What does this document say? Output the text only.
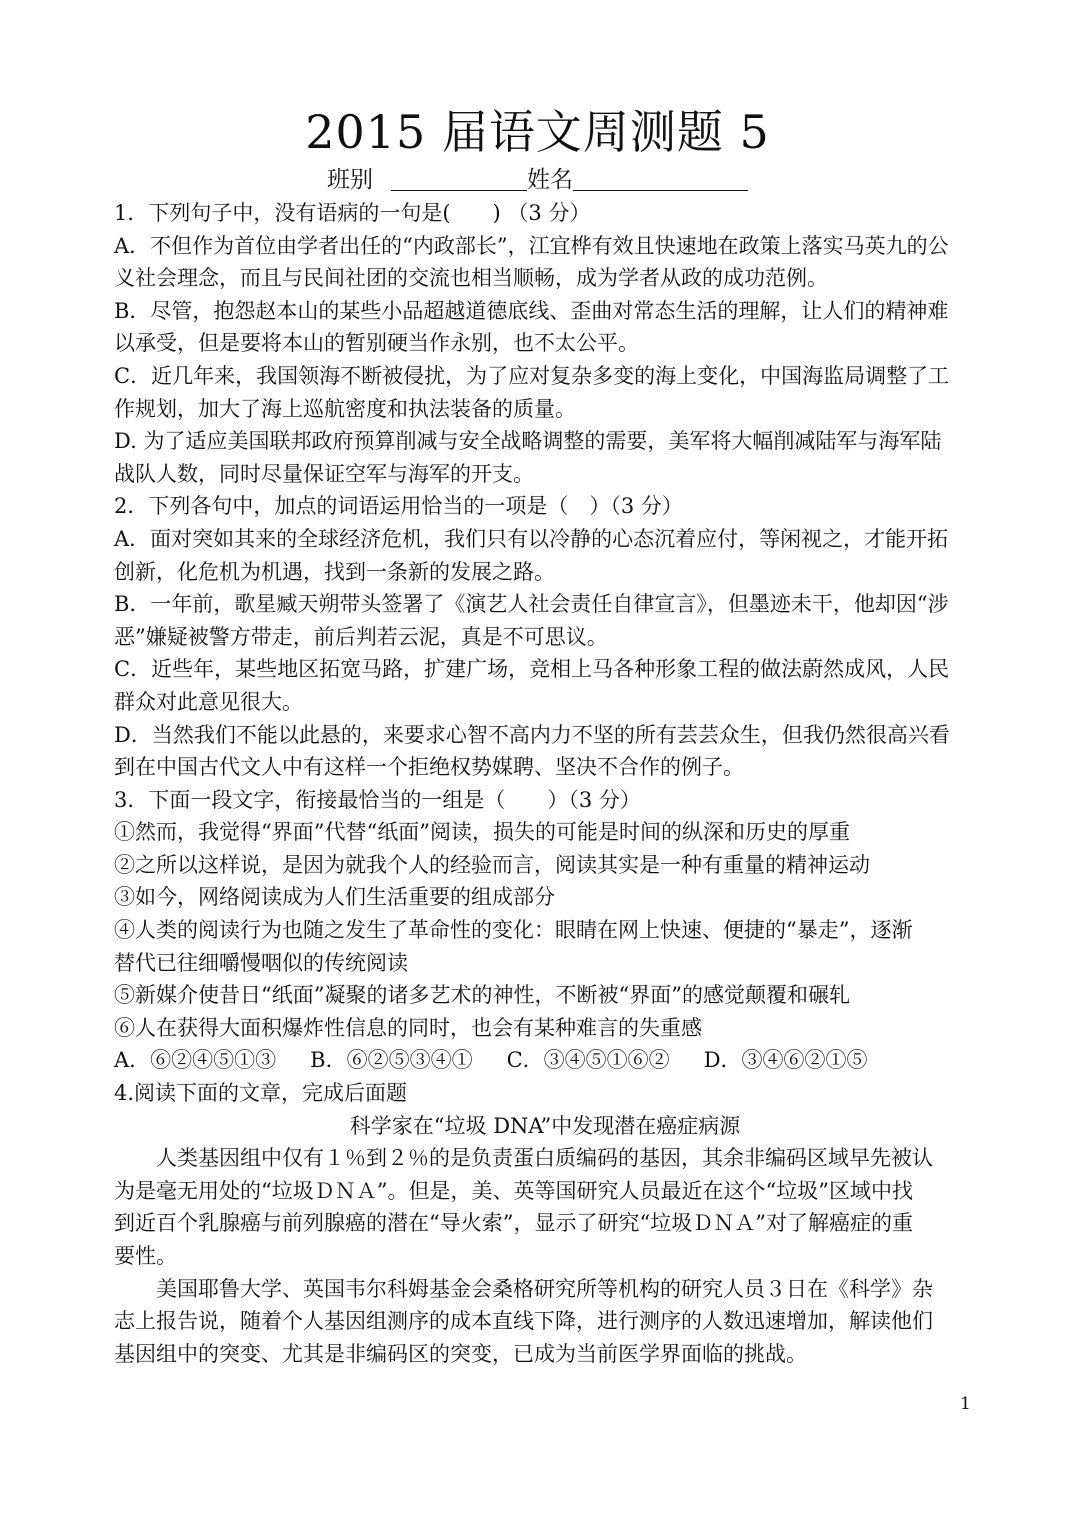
2015 届语文周测题 5
班别	姓名
1．下列句子中，没有语病的一句是(　　) （3 分）
A．不但作为首位由学者出任的“内政部长”，江宜桦有效且快速地在政策上落实马英九的公
义社会理念，而且与民间社团的交流也相当顺畅，成为学者从政的成功范例。
B．尽管，抱怨赵本山的某些小品超越道德底线、歪曲对常态生活的理解，让人们的精神难
以承受，但是要将本山的暂别硬当作永别，也不太公平。
C．近几年来，我国领海不断被侵扰，为了应对复杂多变的海上变化，中国海监局调整了工
作规划，加大了海上巡航密度和执法装备的质量。
D. 为了适应美国联邦政府预算削减与安全战略调整的需要，美军将大幅削减陆军与海军陆
战队人数，同时尽量保证空军与海军的开支。
2．下列各句中，加点的词语运用恰当的一项是（　）（3 分）
A．面对突如其来的全球经济危机，我们只有以冷静的心态沉着应付，等闲视之，才能开拓
创新，化危机为机遇，找到一条新的发展之路。
B．一年前，歌星臧天朔带头签署了《演艺人社会责任自律宣言》，但墨迹未干，他却因“涉
恶”嫌疑被警方带走，前后判若云泥，真是不可思议。
C．近些年，某些地区拓宽马路，扩建广场，竞相上马各种形象工程的做法蔚然成风，人民
群众对此意见很大。
D．当然我们不能以此悬的，来要求心智不高内力不坚的所有芸芸众生，但我仍然很高兴看
到在中国古代文人中有这样一个拒绝权势媒聘、坚决不合作的例子。
3．下面一段文字，衔接最恰当的一组是（　　）（3 分）
①然而，我觉得“界面”代替“纸面”阅读，损失的可能是时间的纵深和历史的厚重
②之所以这样说，是因为就我个人的经验而言，阅读其实是一种有重量的精神运动
③如今，网络阅读成为人们生活重要的组成部分
④人类的阅读行为也随之发生了革命性的变化：眼睛在网上快速、便捷的“暴走”，逐渐
替代已往细嚼慢咽似的传统阅读
⑤新媒介使昔日“纸面”凝聚的诸多艺术的神性，不断被“界面”的感觉颠覆和碾轧
⑥人在获得大面积爆炸性信息的同时，也会有某种难言的失重感
A．⑥②④⑤①③ B．⑥②⑤③④① C．③④⑤①⑥② D．③④⑥②①⑤
4.阅读下面的文章，完成后面题
科学家在“垃圾 DNA”中发现潜在癌症病源
人类基因组中仅有１％到２％的是负责蛋白质编码的基因，其余非编码区域早先被认
为是毫无用处的“垃圾ＤＮＡ”。但是，美、英等国研究人员最近在这个“垃圾”区域中找
到近百个乳腺癌与前列腺癌的潜在“导火索”，显示了研究“垃圾ＤＮＡ”对了解癌症的重
要性。
美国耶鲁大学、英国韦尔科姆基金会桑格研究所等机构的研究人员３日在《科学》杂
志上报告说，随着个人基因组测序的成本直线下降，进行测序的人数迅速增加，解读他们
基因组中的突变、尤其是非编码区的突变，已成为当前医学界面临的挑战。
1
